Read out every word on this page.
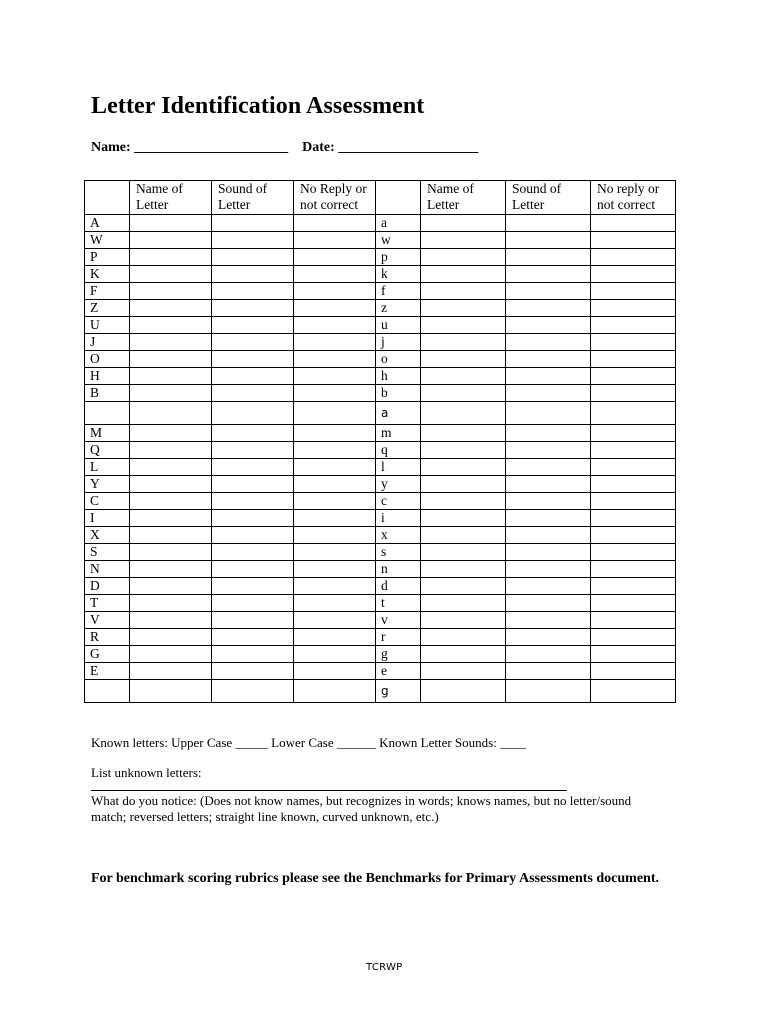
Letter Identification Assessment
Name: ______________________ Date: ____________________
	Name of Letter	Sound of Letter	No Reply or not correct		Name of Letter	Sound of Letter	No reply or not correct
A				a			
W				w			
P				p			
K				k			
F				f			
Z				z			
U				u			
J				j			
O				o			
H				h			
B				b			
				a			
M				m			
Q				q			
L				l			
Y				y			
C				c			
I				i			
X				x			
S				s			
N				n			
D				d			
T				t			
V				v			
R				r			
G				g			
E				e			
				g			
Known letters: Upper Case _____ Lower Case ______ Known Letter Sounds: ____
List unknown letters:
What do you notice: (Does not know names, but recognizes in words; knows names, but no letter/sound match; reversed letters; straight line known, curved unknown, etc.)
For benchmark scoring rubrics please see the Benchmarks for Primary Assessments document.
TCRWP
